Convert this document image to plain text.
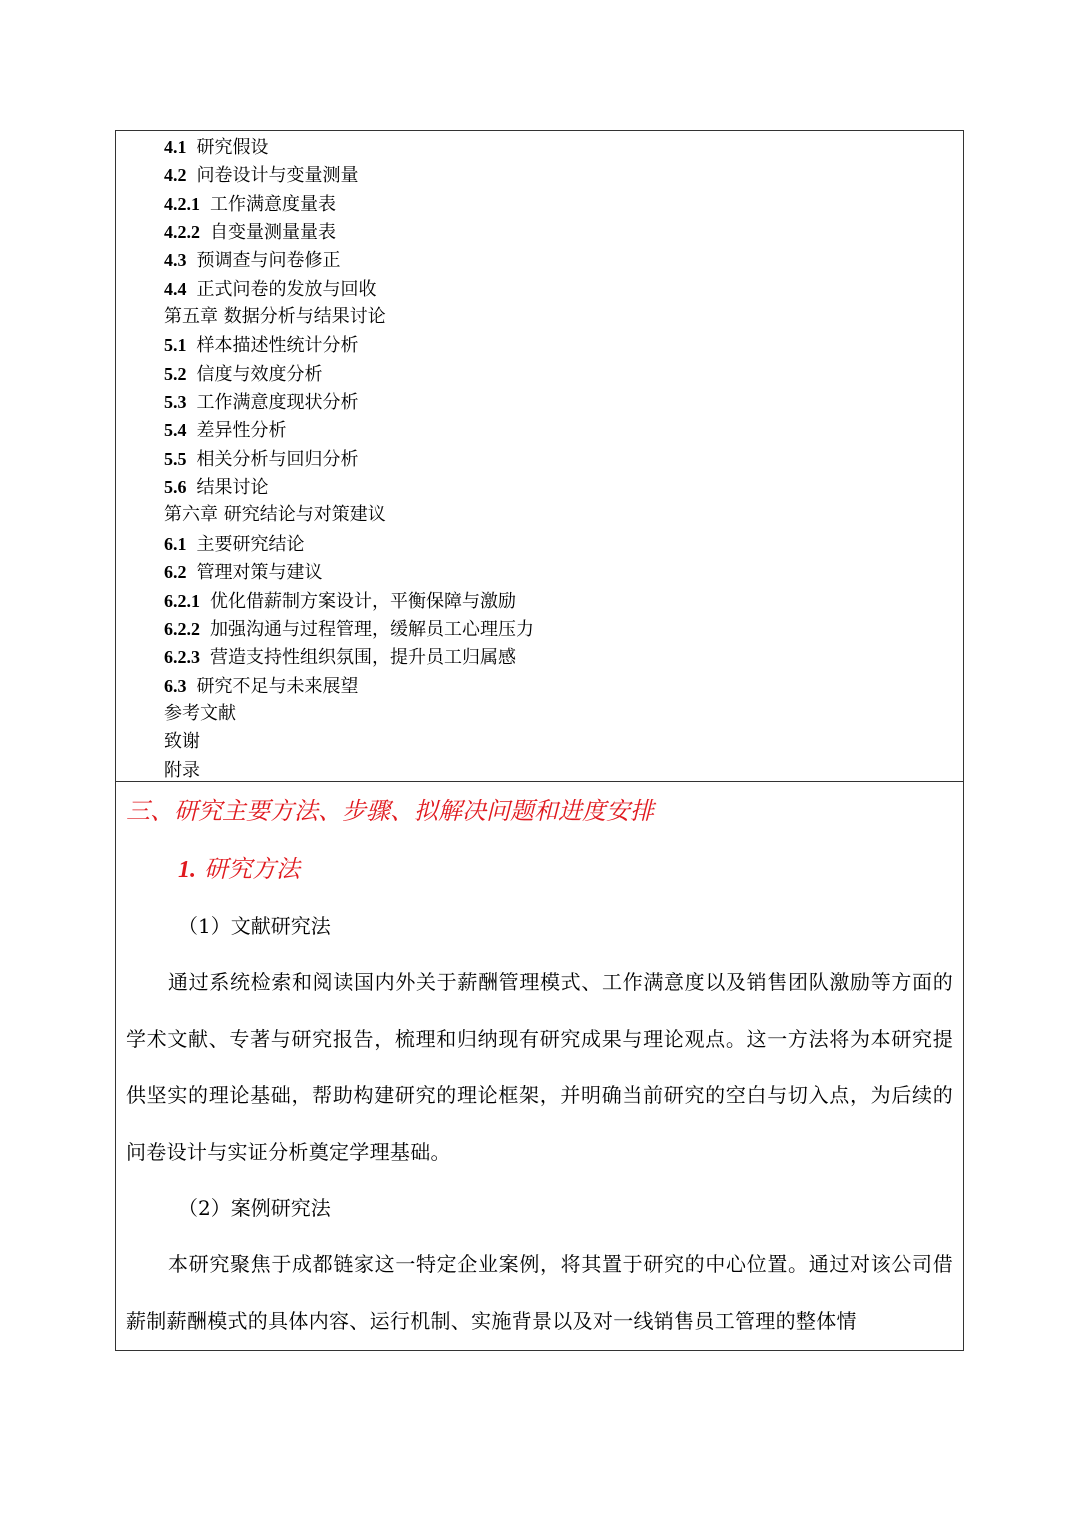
4.1 研究假设
4.2 问卷设计与变量测量
4.2.1 工作满意度量表
4.2.2 自变量测量量表
4.3 预调查与问卷修正
4.4 正式问卷的发放与回收
第五章 数据分析与结果讨论
5.1 样本描述性统计分析
5.2 信度与效度分析
5.3 工作满意度现状分析
5.4 差异性分析
5.5 相关分析与回归分析
5.6 结果讨论
第六章 研究结论与对策建议
6.1 主要研究结论
6.2 管理对策与建议
6.2.1 优化借薪制方案设计，平衡保障与激励
6.2.2 加强沟通与过程管理，缓解员工心理压力
6.2.3 营造支持性组织氛围，提升员工归属感
6.3 研究不足与未来展望
参考文献
致谢
附录
三、研究主要方法、步骤、拟解决问题和进度安排
1. 研究方法
（1）文献研究法
通过系统检索和阅读国内外关于薪酬管理模式、工作满意度以及销售团队激励等方面的学术文献、专著与研究报告，梳理和归纳现有研究成果与理论观点。这一方法将为本研究提供坚实的理论基础，帮助构建研究的理论框架，并明确当前研究的空白与切入点，为后续的问卷设计与实证分析奠定学理基础。
（2）案例研究法
本研究聚焦于成都链家这一特定企业案例，将其置于研究的中心位置。通过对该公司借薪制薪酬模式的具体内容、运行机制、实施背景以及对一线销售员工管理的整体情
